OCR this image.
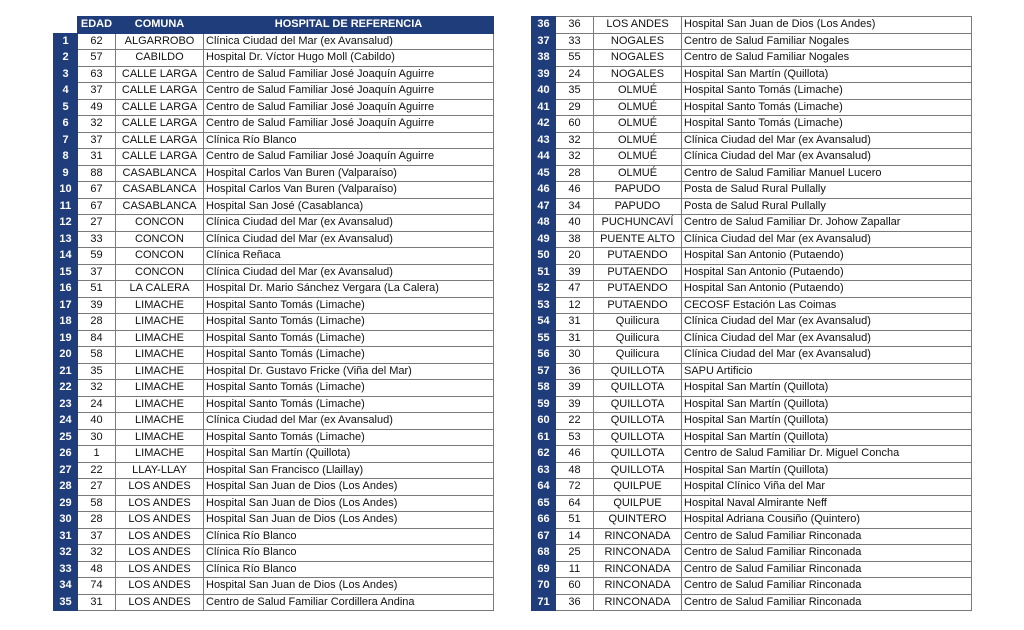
	EDAD	COMUNA	HOSPITAL DE REFERENCIA
1	62	ALGARROBO	Clínica Ciudad del Mar (ex Avansalud)
2	57	CABILDO	Hospital Dr. Víctor Hugo Moll (Cabildo)
3	63	CALLE LARGA	Centro de Salud Familiar José Joaquín Aguirre
4	37	CALLE LARGA	Centro de Salud Familiar José Joaquín Aguirre
5	49	CALLE LARGA	Centro de Salud Familiar José Joaquín Aguirre
6	32	CALLE LARGA	Centro de Salud Familiar José Joaquín Aguirre
7	37	CALLE LARGA	Clínica Río Blanco
8	31	CALLE LARGA	Centro de Salud Familiar José Joaquín Aguirre
9	88	CASABLANCA	Hospital Carlos Van Buren (Valparaíso)
10	67	CASABLANCA	Hospital Carlos Van Buren (Valparaíso)
11	67	CASABLANCA	Hospital San José (Casablanca)
12	27	CONCON	Clínica Ciudad del Mar (ex Avansalud)
13	33	CONCON	Clínica Ciudad del Mar (ex Avansalud)
14	59	CONCON	Clínica Reñaca
15	37	CONCON	Clínica Ciudad del Mar (ex Avansalud)
16	51	LA CALERA	Hospital Dr. Mario Sánchez Vergara (La Calera)
17	39	LIMACHE	Hospital Santo Tomás (Limache)
18	28	LIMACHE	Hospital Santo Tomás (Limache)
19	84	LIMACHE	Hospital Santo Tomás (Limache)
20	58	LIMACHE	Hospital Santo Tomás (Limache)
21	35	LIMACHE	Hospital Dr. Gustavo Fricke (Viña del Mar)
22	32	LIMACHE	Hospital Santo Tomás (Limache)
23	24	LIMACHE	Hospital Santo Tomás (Limache)
24	40	LIMACHE	Clínica Ciudad del Mar (ex Avansalud)
25	30	LIMACHE	Hospital Santo Tomás (Limache)
26	1	LIMACHE	Hospital San Martín (Quillota)
27	22	LLAY-LLAY	Hospital San Francisco (Llaillay)
28	27	LOS ANDES	Hospital San Juan de Dios (Los Andes)
29	58	LOS ANDES	Hospital San Juan de Dios (Los Andes)
30	28	LOS ANDES	Hospital San Juan de Dios (Los Andes)
31	37	LOS ANDES	Clínica Río Blanco
32	32	LOS ANDES	Clínica Río Blanco
33	48	LOS ANDES	Clínica Río Blanco
34	74	LOS ANDES	Hospital San Juan de Dios (Los Andes)
35	31	LOS ANDES	Centro de Salud Familiar Cordillera Andina
36	36	LOS ANDES	Hospital San Juan de Dios (Los Andes)
37	33	NOGALES	Centro de Salud Familiar Nogales
38	55	NOGALES	Centro de Salud Familiar Nogales
39	24	NOGALES	Hospital San Martín (Quillota)
40	35	OLMUÉ	Hospital Santo Tomás (Limache)
41	29	OLMUÉ	Hospital Santo Tomás (Limache)
42	60	OLMUÉ	Hospital Santo Tomás (Limache)
43	32	OLMUÉ	Clínica Ciudad del Mar (ex Avansalud)
44	32	OLMUÉ	Clínica Ciudad del Mar (ex Avansalud)
45	28	OLMUÉ	Centro de Salud Familiar Manuel Lucero
46	46	PAPUDO	Posta de Salud Rural Pullally
47	34	PAPUDO	Posta de Salud Rural Pullally
48	40	PUCHUNCAVÍ	Centro de Salud Familiar Dr. Johow Zapallar
49	38	PUENTE ALTO	Clínica Ciudad del Mar (ex Avansalud)
50	20	PUTAENDO	Hospital San Antonio (Putaendo)
51	39	PUTAENDO	Hospital San Antonio (Putaendo)
52	47	PUTAENDO	Hospital San Antonio (Putaendo)
53	12	PUTAENDO	CECOSF Estación Las Coimas
54	31	Quilicura	Clínica Ciudad del Mar (ex Avansalud)
55	31	Quilicura	Clínica Ciudad del Mar (ex Avansalud)
56	30	Quilicura	Clínica Ciudad del Mar (ex Avansalud)
57	36	QUILLOTA	SAPU Artificio
58	39	QUILLOTA	Hospital San Martín (Quillota)
59	39	QUILLOTA	Hospital San Martín (Quillota)
60	22	QUILLOTA	Hospital San Martín (Quillota)
61	53	QUILLOTA	Hospital San Martín (Quillota)
62	46	QUILLOTA	Centro de Salud Familiar Dr. Miguel Concha
63	48	QUILLOTA	Hospital San Martín (Quillota)
64	72	QUILPUE	Hospital Clínico Viña del Mar
65	64	QUILPUE	Hospital Naval Almirante Neff
66	51	QUINTERO	Hospital Adriana Cousiño (Quintero)
67	14	RINCONADA	Centro de Salud Familiar Rinconada
68	25	RINCONADA	Centro de Salud Familiar Rinconada
69	11	RINCONADA	Centro de Salud Familiar Rinconada
70	60	RINCONADA	Centro de Salud Familiar Rinconada
71	36	RINCONADA	Centro de Salud Familiar Rinconada
